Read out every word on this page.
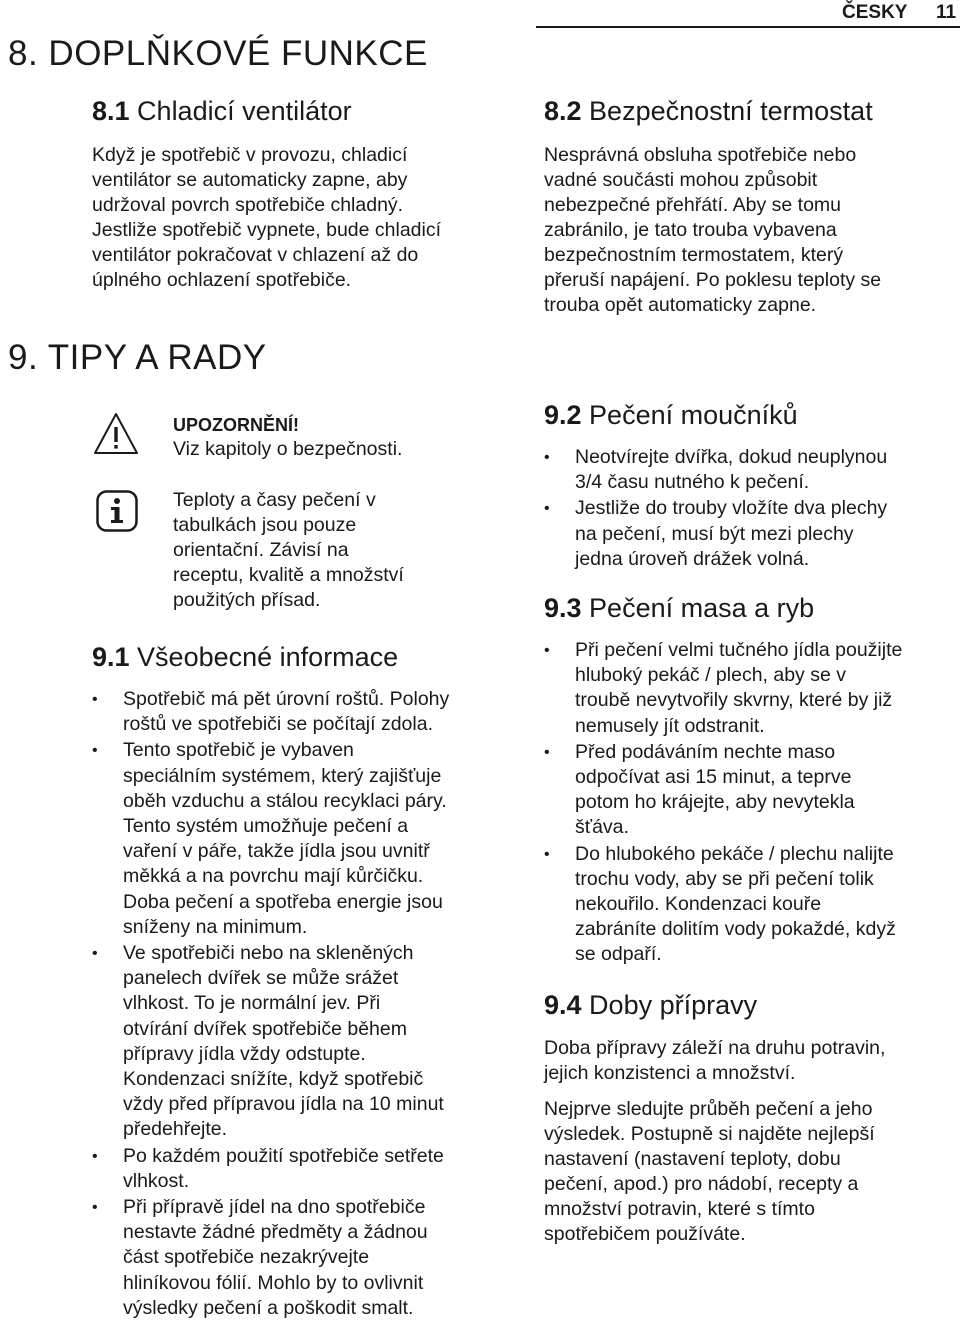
ČESKY 11
8. DOPLŇKOVÉ FUNKCE
8.1 Chladicí ventilátor

Když je spotřebič v provozu, chladicí

ventilátor se automaticky zapne, aby

udržoval povrch spotřebiče chladný.

Jestliže spotřebič vypnete, bude chladicí

ventilátor pokračovat v chlazení až do

úplného ochlazení spotřebiče.

9. TIPY A RADY

UPOZORNĚNÍ!

Viz kapitoly o bezpečnosti.

Teploty a časy pečení v

tabulkách jsou pouze

orientační. Závisí na

receptu, kvalitě a množství

použitých přísad.

9.1 Všeobecné informace
• Spotřebič má pět úrovní roštů. Polohy
roštů ve spotřebiči se počítají zdola.
• Tento spotřebič je vybaven
speciálním systémem, který zajišťuje
oběh vzduchu a stálou recyklaci páry.
Tento systém umožňuje pečení a
vaření v páře, takže jídla jsou uvnitř
měkká a na povrchu mají kůrčičku.
Doba pečení a spotřeba energie jsou
sníženy na minimum.
• Ve spotřebiči nebo na skleněných
panelech dvířek se může srážet
vlhkost. To je normální jev. Při
otvírání dvířek spotřebiče během
přípravy jídla vždy odstupte.
Kondenzaci snížíte, když spotřebič
vždy před přípravou jídla na 10 minut
předehřejte.
• Po každém použití spotřebiče setřete
vlhkost.
• Při přípravě jídel na dno spotřebiče
nestavte žádné předměty a žádnou
část spotřebiče nezakrývejte
hliníkovou fólií. Mohlo by to ovlivnit
výsledky pečení a poškodit smalt.
8.2 Bezpečnostní termostat

Nesprávná obsluha spotřebiče nebo

vadné součásti mohou způsobit

nebezpečné přehřátí. Aby se tomu

zabránilo, je tato trouba vybavena

bezpečnostním termostatem, který

přeruší napájení. Po poklesu teploty se

trouba opět automaticky zapne.

9.2 Pečení moučníků
• Neotvírejte dvířka, dokud neuplynou
3/4 času nutného k pečení.
• Jestliže do trouby vložíte dva plechy
na pečení, musí být mezi plechy
jedna úroveň drážek volná.
9.3 Pečení masa a ryb
• Při pečení velmi tučného jídla použijte
hluboký pekáč / plech, aby se v
troubě nevytvořily skvrny, které by již
nemusely jít odstranit.
• Před podáváním nechte maso
odpočívat asi 15 minut, a teprve
potom ho krájejte, aby nevytekla
šťáva.
• Do hlubokého pekáče / plechu nalijte
trochu vody, aby se při pečení tolik
nekouřilo. Kondenzaci kouře
zabráníte dolitím vody pokaždé, když
se odpaří.
9.4 Doby přípravy

Doba přípravy záleží na druhu potravin,

jejich konzistenci a množství.

Nejprve sledujte průběh pečení a jeho

výsledek. Postupně si najděte nejlepší

nastavení (nastavení teploty, dobu

pečení, apod.) pro nádobí, recepty a

množství potravin, které s tímto

spotřebičem používáte.
